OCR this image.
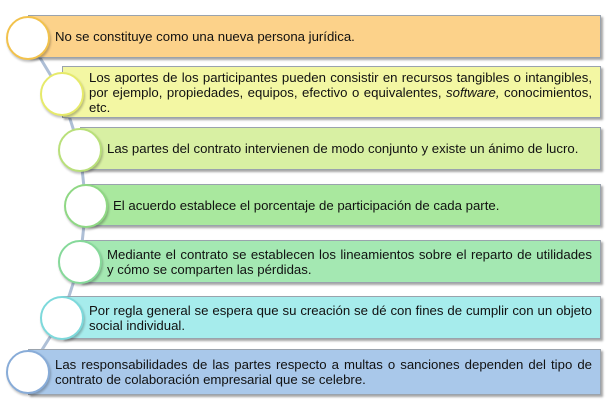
No se constituye como una nueva persona jurídica.
Los aportes de los participantes pueden consistir en recursos tangibles o intangibles, por ejemplo, propiedades, equipos, efectivo o equivalentes, software, conocimientos, etc.
Las partes del contrato intervienen de modo conjunto y existe un ánimo de lucro.
El acuerdo establece el porcentaje de participación de cada parte.
Mediante el contrato se establecen los lineamientos sobre el reparto de utilidades y cómo se comparten las pérdidas.
Por regla general se espera que su creación se dé con fines de cumplir con un objeto social individual.
Las responsabilidades de las partes respecto a multas o sanciones dependen del tipo de contrato de colaboración empresarial que se celebre.
